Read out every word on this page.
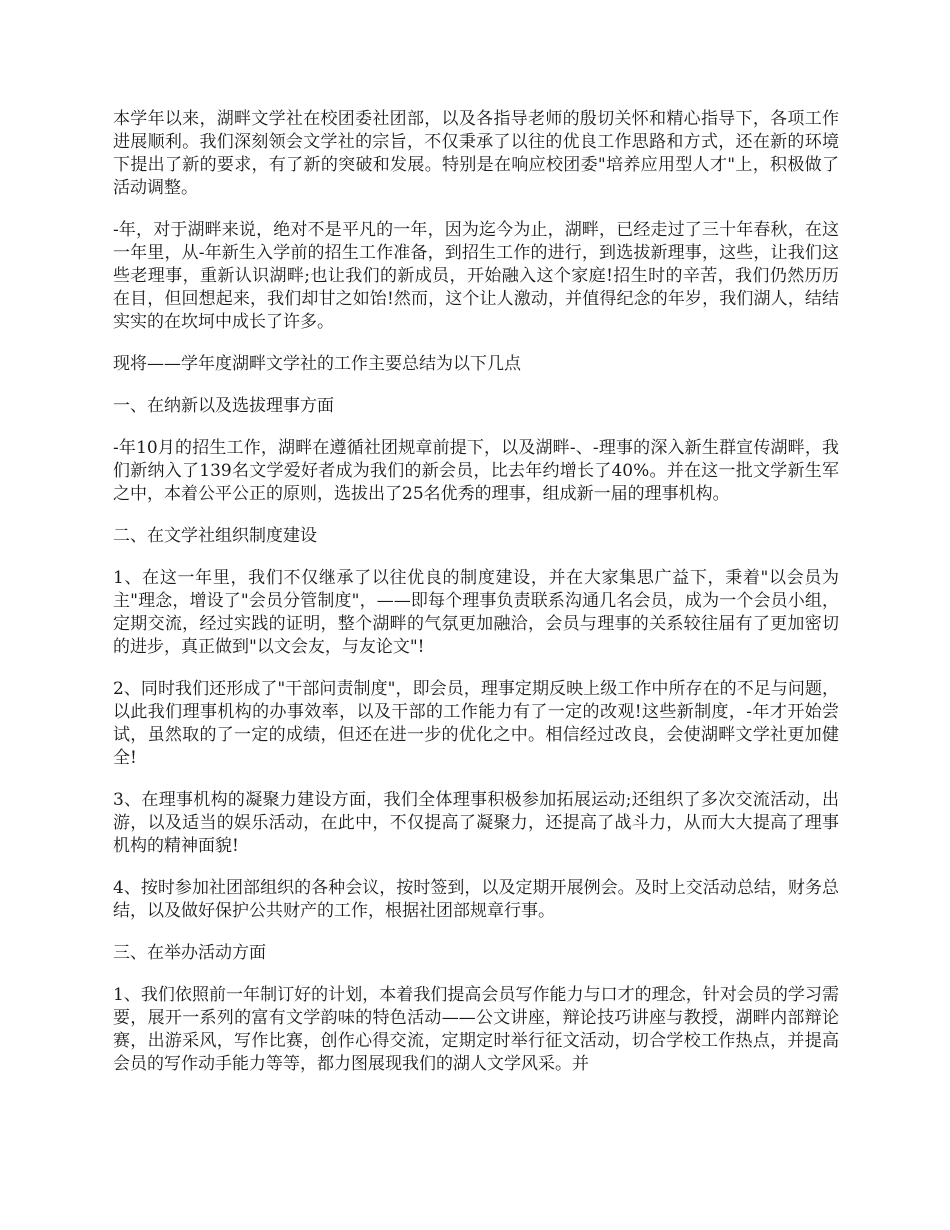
本学年以来，湖畔文学社在校团委社团部，以及各指导老师的殷切关怀和精心指导下，各项工作进展顺利。我们深刻领会文学社的宗旨，不仅秉承了以往的优良工作思路和方式，还在新的环境下提出了新的要求，有了新的突破和发展。特别是在响应校团委"培养应用型人才"上，积极做了活动调整。

-年，对于湖畔来说，绝对不是平凡的一年，因为迄今为止，湖畔，已经走过了三十年春秋，在这一年里，从-年新生入学前的招生工作准备，到招生工作的进行，到选拔新理事，这些，让我们这些老理事，重新认识湖畔;也让我们的新成员，开始融入这个家庭!招生时的辛苦，我们仍然历历在目，但回想起来，我们却甘之如饴!然而，这个让人激动，并值得纪念的年岁，我们湖人，结结实实的在坎坷中成长了许多。

现将——学年度湖畔文学社的工作主要总结为以下几点

一、在纳新以及选拔理事方面

-年10月的招生工作，湖畔在遵循社团规章前提下，以及湖畔-、-理事的深入新生群宣传湖畔，我们新纳入了139名文学爱好者成为我们的新会员，比去年约增长了40%。并在这一批文学新生军之中，本着公平公正的原则，选拔出了25名优秀的理事，组成新一届的理事机构。

二、在文学社组织制度建设

1、在这一年里，我们不仅继承了以往优良的制度建设，并在大家集思广益下，秉着"以会员为主"理念，增设了"会员分管制度"，——即每个理事负责联系沟通几名会员，成为一个会员小组，定期交流，经过实践的证明，整个湖畔的气氛更加融洽，会员与理事的关系较往届有了更加密切的进步，真正做到"以文会友，与友论文"!

2、同时我们还形成了"干部问责制度"，即会员，理事定期反映上级工作中所存在的不足与问题，以此我们理事机构的办事效率，以及干部的工作能力有了一定的改观!这些新制度，-年才开始尝试，虽然取的了一定的成绩，但还在进一步的优化之中。相信经过改良，会使湖畔文学社更加健全!

3、在理事机构的凝聚力建设方面，我们全体理事积极参加拓展运动;还组织了多次交流活动，出游，以及适当的娱乐活动，在此中，不仅提高了凝聚力，还提高了战斗力，从而大大提高了理事机构的精神面貌!

4、按时参加社团部组织的各种会议，按时签到，以及定期开展例会。及时上交活动总结，财务总结，以及做好保护公共财产的工作，根据社团部规章行事。

三、在举办活动方面

1、我们依照前一年制订好的计划，本着我们提高会员写作能力与口才的理念，针对会员的学习需要，展开一系列的富有文学韵味的特色活动——公文讲座，辩论技巧讲座与教授，湖畔内部辩论赛，出游采风，写作比赛，创作心得交流，定期定时举行征文活动，切合学校工作热点，并提高会员的写作动手能力等等，都力图展现我们的湖人文学风采。并
